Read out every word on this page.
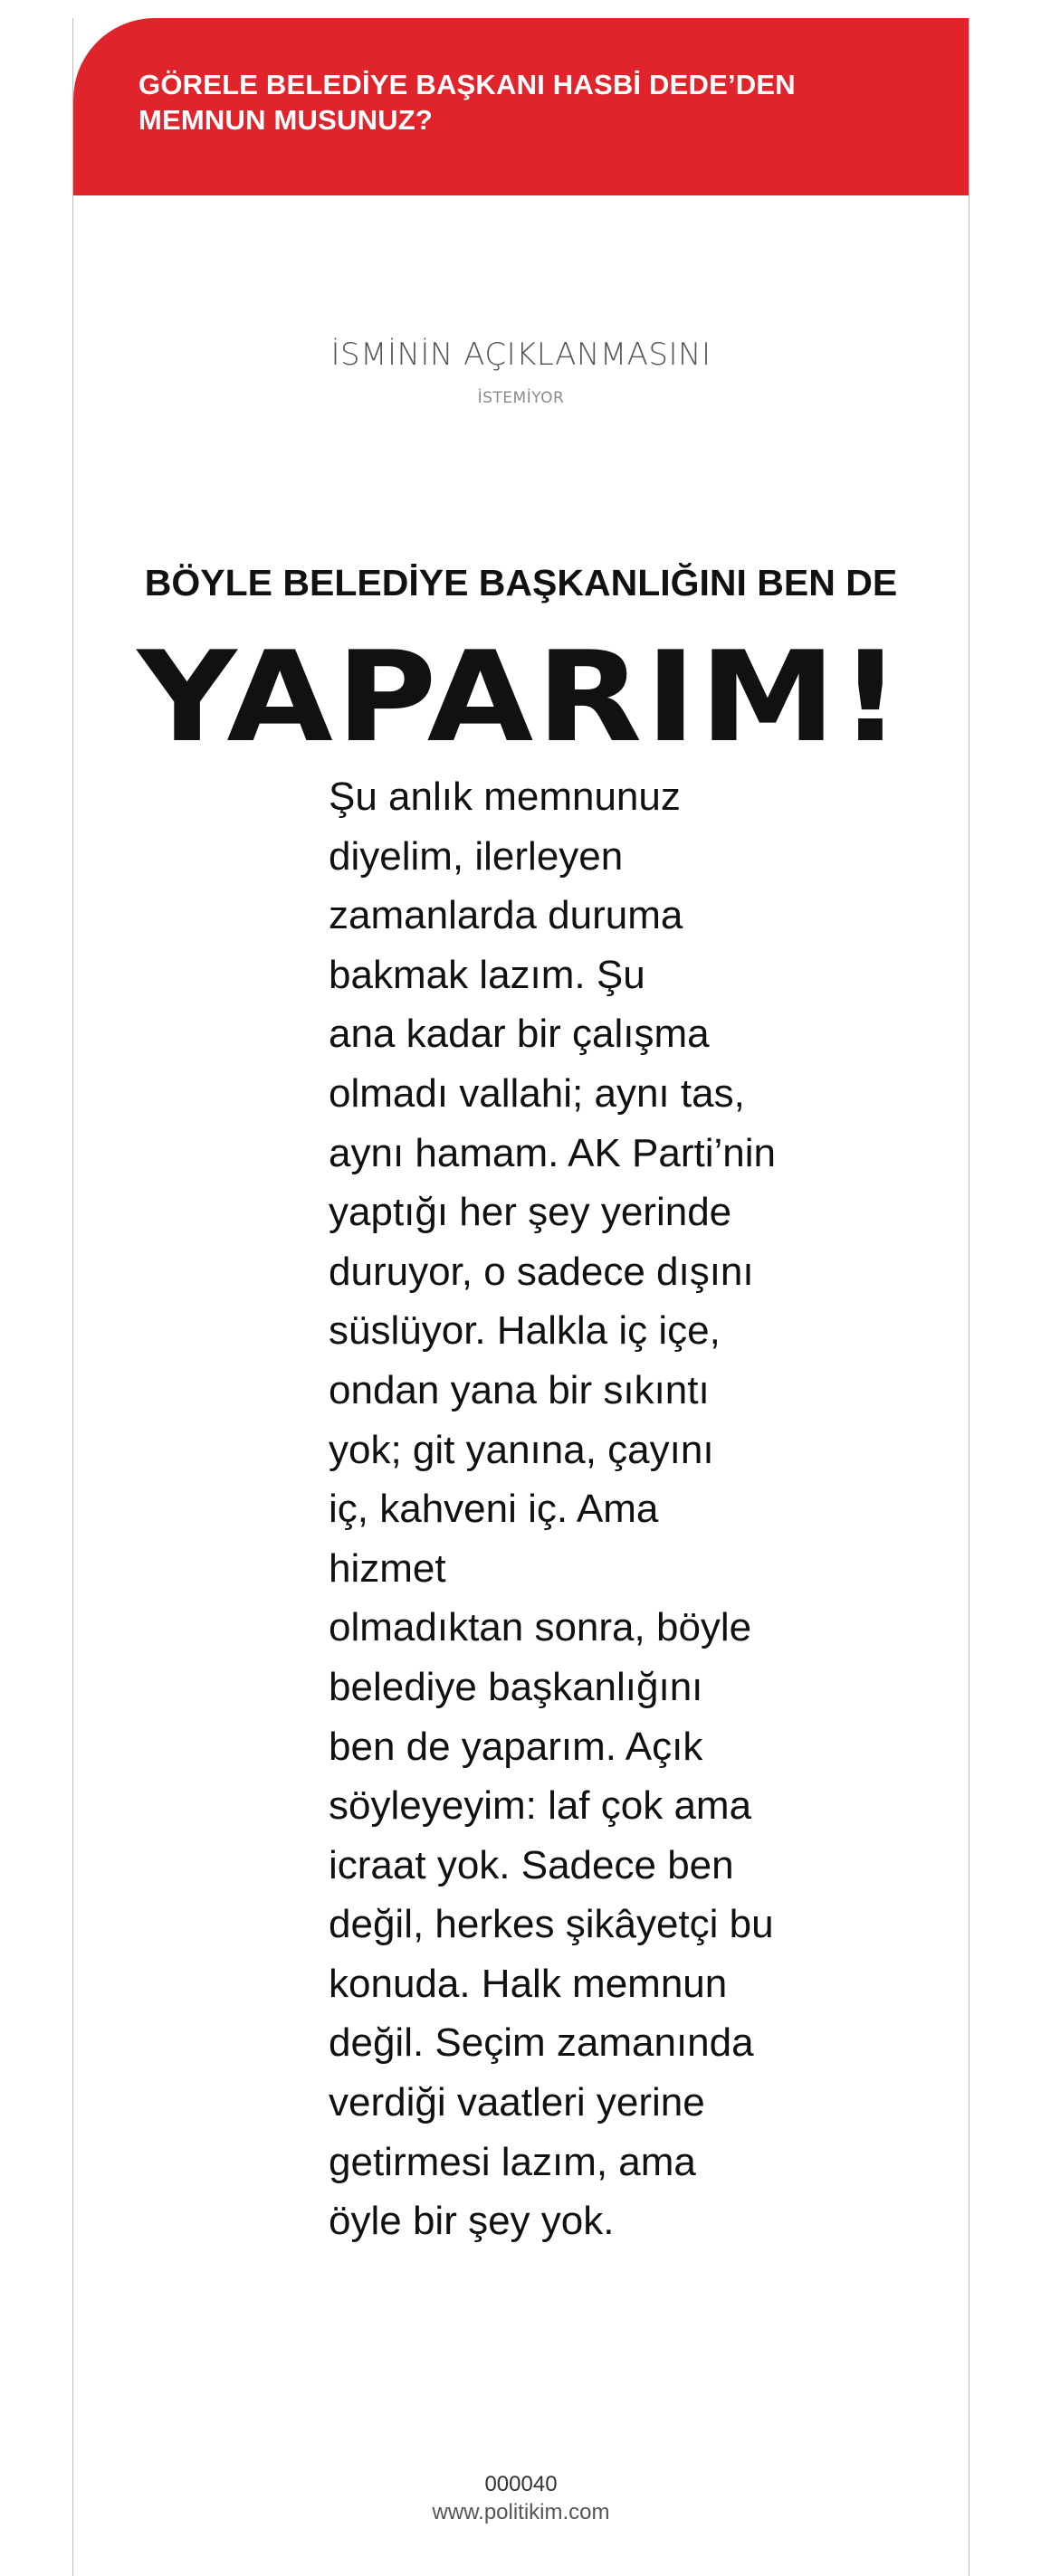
GÖRELE BELEDİYE BAŞKANI HASBİ DEDE’DEN
MEMNUN MUSUNUZ?

İSMİNİN AÇIKLANMASINI
İSTEMİYOR
BÖYLE BELEDİYE BAŞKANLIĞINI BEN DE
YAPARIM!

Şu anlık memnunuz
diyelim, ilerleyen
zamanlarda duruma
bakmak lazım. Şu
ana kadar bir çalışma
olmadı vallahi; aynı tas,
aynı hamam. AK Parti’nin
yaptığı her şey yerinde
duruyor, o sadece dışını
süslüyor. Halkla iç içe,
ondan yana bir sıkıntı
yok; git yanına, çayını
iç, kahveni iç. Ama hizmet
olmadıktan sonra, böyle
belediye başkanlığını
ben de yaparım. Açık
söyleyeyim: laf çok ama
icraat yok. Sadece ben
değil, herkes şikâyetçi bu
konuda. Halk memnun
değil. Seçim zamanında
verdiği vaatleri yerine
getirmesi lazım, ama
öyle bir şey yok.

000040
www.politikim.com
